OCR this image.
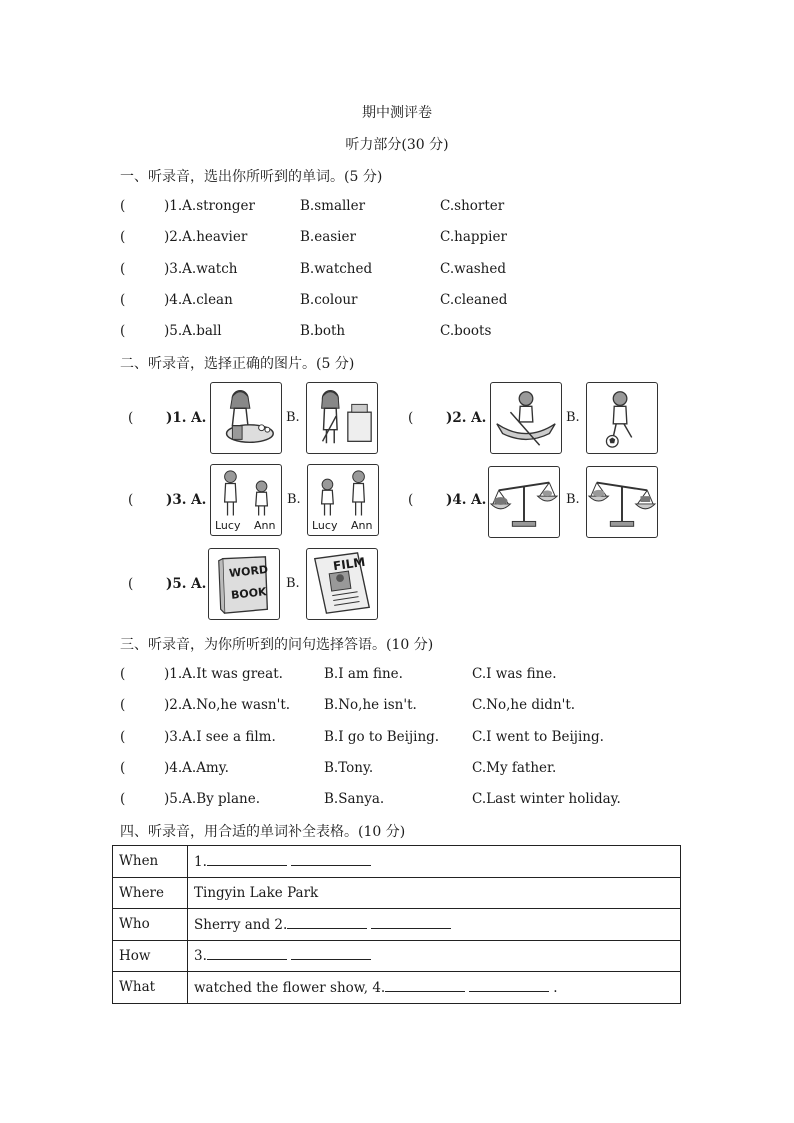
期中测评卷
听力部分(30 分)
一、听录音，选出你所听到的单词。(5 分)
(	)1.A.stronger	B.smaller	C.shorter
(	)2.A.heavier	B.easier	C.happier
(	)3.A.watch	B.watched	C.washed
(	)4.A.clean	B.colour	C.cleaned
(	)5.A.ball	B.both	C.boots
二、听录音，选择正确的图片。(5 分)
( )1. A.	B.	( )2. A.	B.
( )3. A.
Lucy Ann
B.
Lucy Ann
( )4. A.	B.
( )5. A.
WORD
BOOK
B.
FILM
三、听录音，为你所听到的问句选择答语。(10 分)
(	)1.A.It was great.	B.I am fine.	C.I was fine.
(	)2.A.No,he wasn't.	B.No,he isn't.	C.No,he didn't.
(	)3.A.I see a film.	B.I go to Beijing. C.I went to Beijing.
(	)4.A.Amy.	B.Tony.	C.My father.
(	)5.A.By plane.	B.Sanya.	C.Last winter holiday.
四、听录音，用合适的单词补全表格。(10 分)
When	1.
Where	Tingyin Lake Park
Who	Sherry and 2.
How	3.
What	watched the flower show, 4. .
